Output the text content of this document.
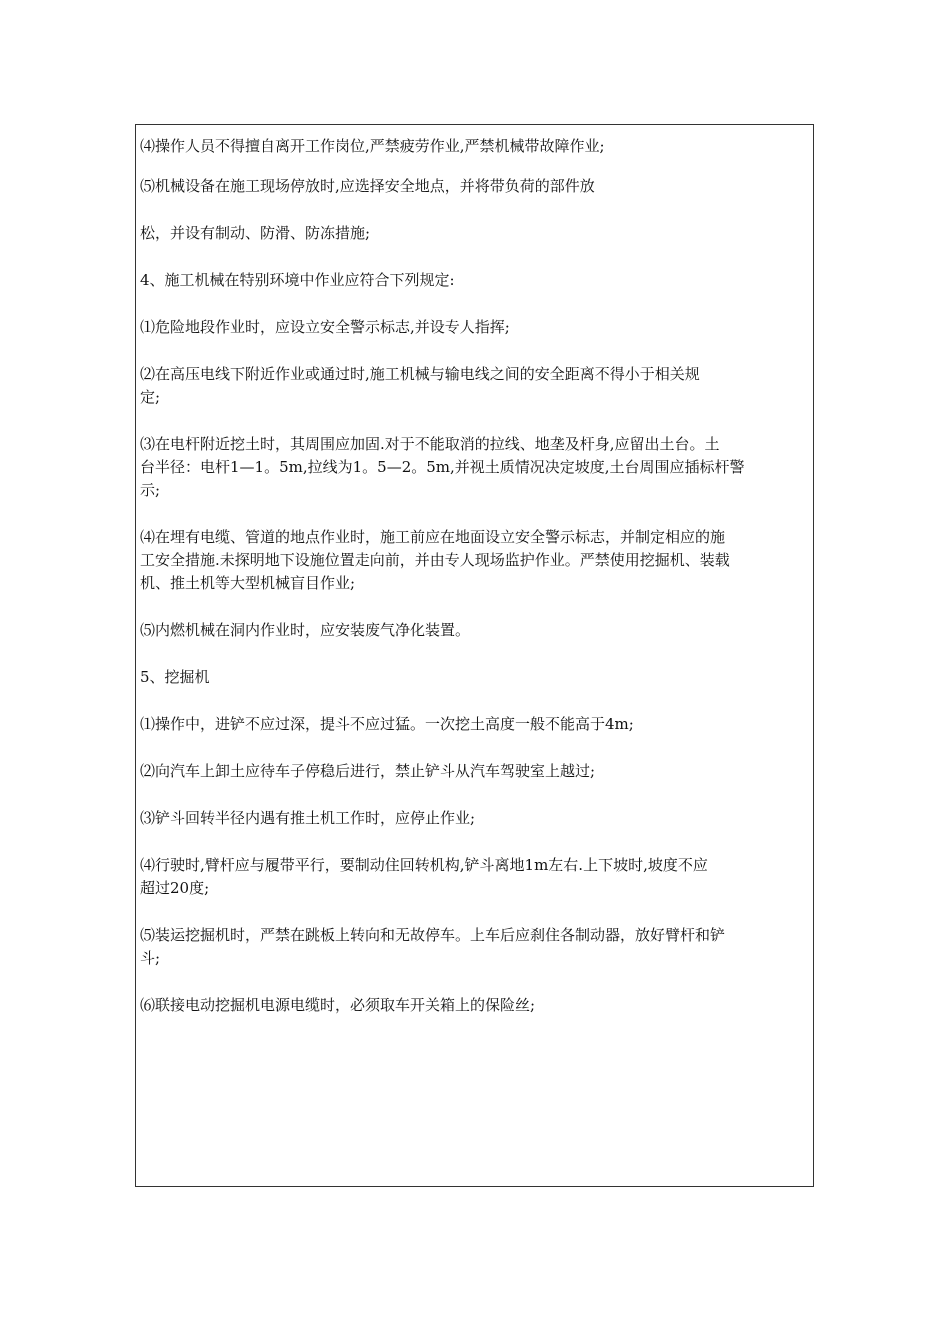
⑷操作人员不得擅自离开工作岗位,严禁疲劳作业,严禁机械带故障作业;
⑸机械设备在施工现场停放时,应选择安全地点，并将带负荷的部件放
松，并设有制动、防滑、防冻措施;
4、施工机械在特别环境中作业应符合下列规定:
⑴危险地段作业时，应设立安全警示标志,并设专人指挥;
⑵在高压电线下附近作业或通过时,施工机械与输电线之间的安全距离不得小于相关规
定;
⑶在电杆附近挖土时，其周围应加固.对于不能取消的拉线、地垄及杆身,应留出土台。土
台半径：电杆1—1。5m,拉线为1。5—2。5m,并视土质情况决定坡度,土台周围应插标杆警
示;
⑷在埋有电缆、管道的地点作业时，施工前应在地面设立安全警示标志，并制定相应的施
工安全措施.未探明地下设施位置走向前，并由专人现场监护作业。严禁使用挖掘机、装载
机、推土机等大型机械盲目作业;
⑸内燃机械在洞内作业时，应安装废气净化装置。
5、挖掘机
⑴操作中，进铲不应过深，提斗不应过猛。一次挖土高度一般不能高于4m;
⑵向汽车上卸土应待车子停稳后进行，禁止铲斗从汽车驾驶室上越过;
⑶铲斗回转半径内遇有推土机工作时，应停止作业;
⑷行驶时,臂杆应与履带平行，要制动住回转机构,铲斗离地1m左右.上下坡时,坡度不应
超过20度;
⑸装运挖掘机时，严禁在跳板上转向和无故停车。上车后应刹住各制动器，放好臂杆和铲
斗;
⑹联接电动挖掘机电源电缆时，必须取车开关箱上的保险丝;
